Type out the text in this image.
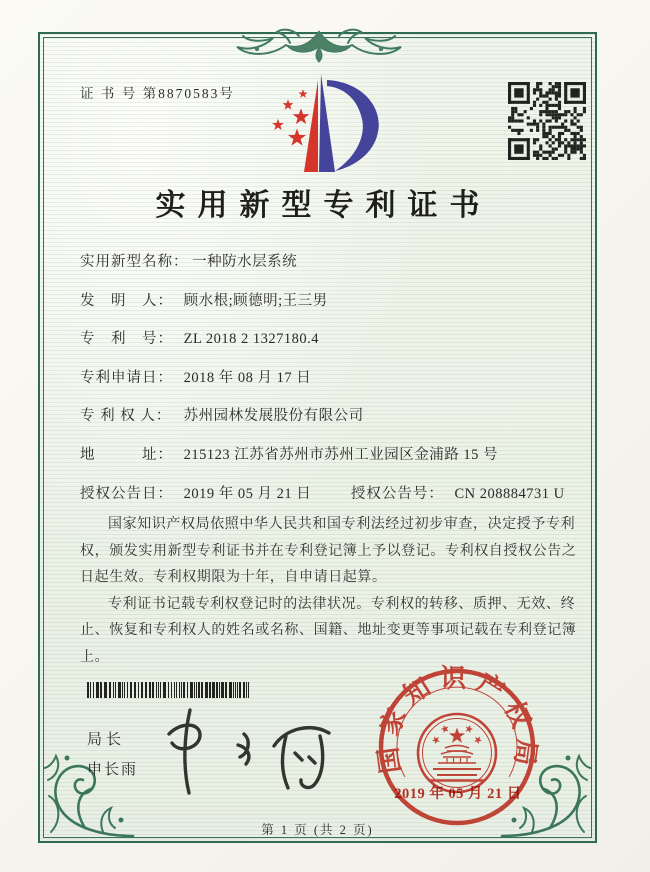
证 书 号 第8870583号
实用新型专利证书
实用新型名称： 一种防水层系统
发　明　人： 顾水根;顾德明;王三男
专　利　号： ZL 2018 2 1327180.4
专利申请日： 2018 年 08 月 17 日
专 利 权 人： 苏州园林发展股份有限公司
地　　　址： 215123 江苏省苏州市苏州工业园区金浦路 15 号
授权公告日： 2019 年 05 月 21 日	授权公告号： CN 208884731 U

国家知识产权局依照中华人民共和国专利法经过初步审查，决定授予专利权，颁发实用新型专利证书并在专利登记簿上予以登记。专利权自授权公告之日起生效。专利权期限为十年，自申请日起算。

专利证书记载专利权登记时的法律状况。专利权的转移、质押、无效、终止、恢复和专利权人的姓名或名称、国籍、地址变更等事项记载在专利登记簿上。

局长
申长雨	国家知识产权局
2019 年 05 月 21 日
第 1 页 (共 2 页)
